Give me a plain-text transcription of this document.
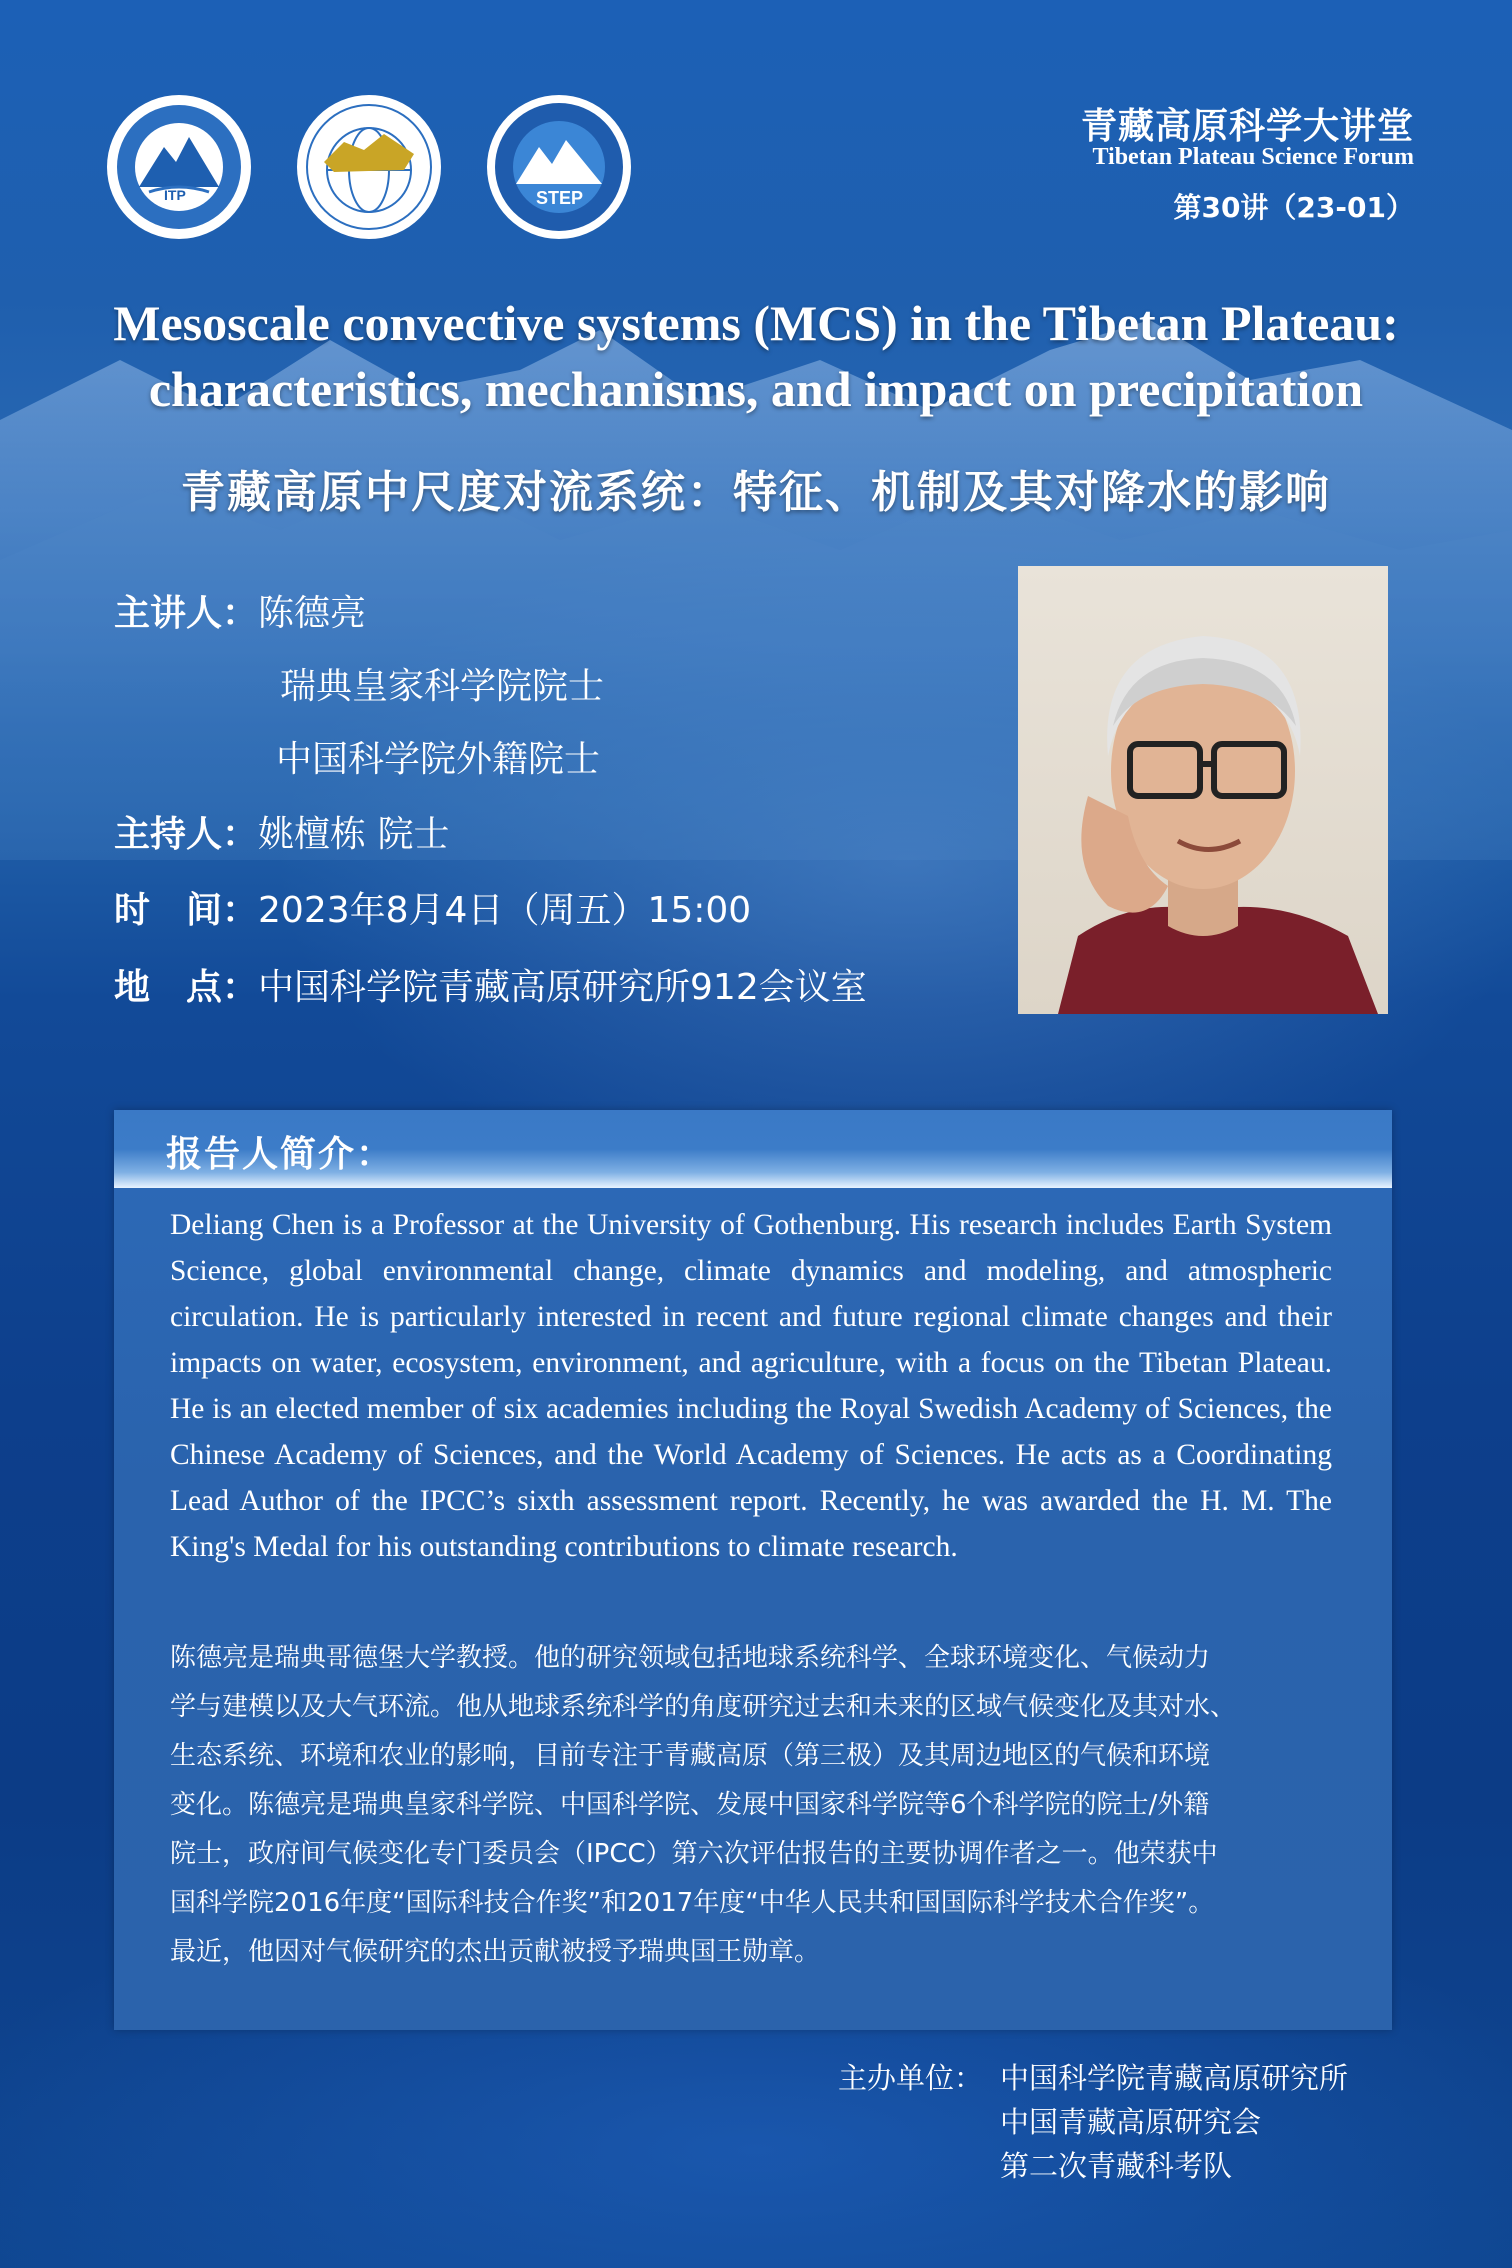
ITP	STEP
青藏高原科学大讲堂
Tibetan Plateau Science Forum
第30讲（23-01）
Mesoscale convective systems (MCS) in the Tibetan Plateau:
characteristics, mechanisms, and impact on precipitation
青藏高原中尺度对流系统：特征、机制及其对降水的影响
主讲人：陈德亮
瑞典皇家科学院院士
中国科学院外籍院士
主持人：姚檀栋 院士
时　间：2023年8月4日（周五）15:00
地　点：中国科学院青藏高原研究所912会议室
报告人简介：
Deliang Chen is a Professor at the University of Gothenburg. His research includes Earth System Science, global environmental change, climate dynamics and modeling, and atmospheric circulation. He is particularly interested in recent and future regional climate changes and their impacts on water, ecosystem, environment, and agriculture, with a focus on the Tibetan Plateau. He is an elected member of six academies including the Royal Swedish Academy of Sciences, the Chinese Academy of Sciences, and the World Academy of Sciences. He acts as a Coordinating Lead Author of the IPCC’s sixth assessment report. Recently, he was awarded the H. M. The King's Medal for his outstanding contributions to climate research.
陈德亮是瑞典哥德堡大学教授。他的研究领域包括地球系统科学、全球环境变化、气候动力
学与建模以及大气环流。他从地球系统科学的角度研究过去和未来的区域气候变化及其对水、
生态系统、环境和农业的影响，目前专注于青藏高原（第三极）及其周边地区的气候和环境
变化。陈德亮是瑞典皇家科学院、中国科学院、发展中国家科学院等6个科学院的院士/外籍
院士，政府间气候变化专门委员会（IPCC）第六次评估报告的主要协调作者之一。他荣获中
国科学院2016年度“国际科技合作奖”和2017年度“中华人民共和国国际科学技术合作奖”。
最近，他因对气候研究的杰出贡献被授予瑞典国王勋章。
主办单位： 中国科学院青藏高原研究所
中国青藏高原研究会
第二次青藏科考队
